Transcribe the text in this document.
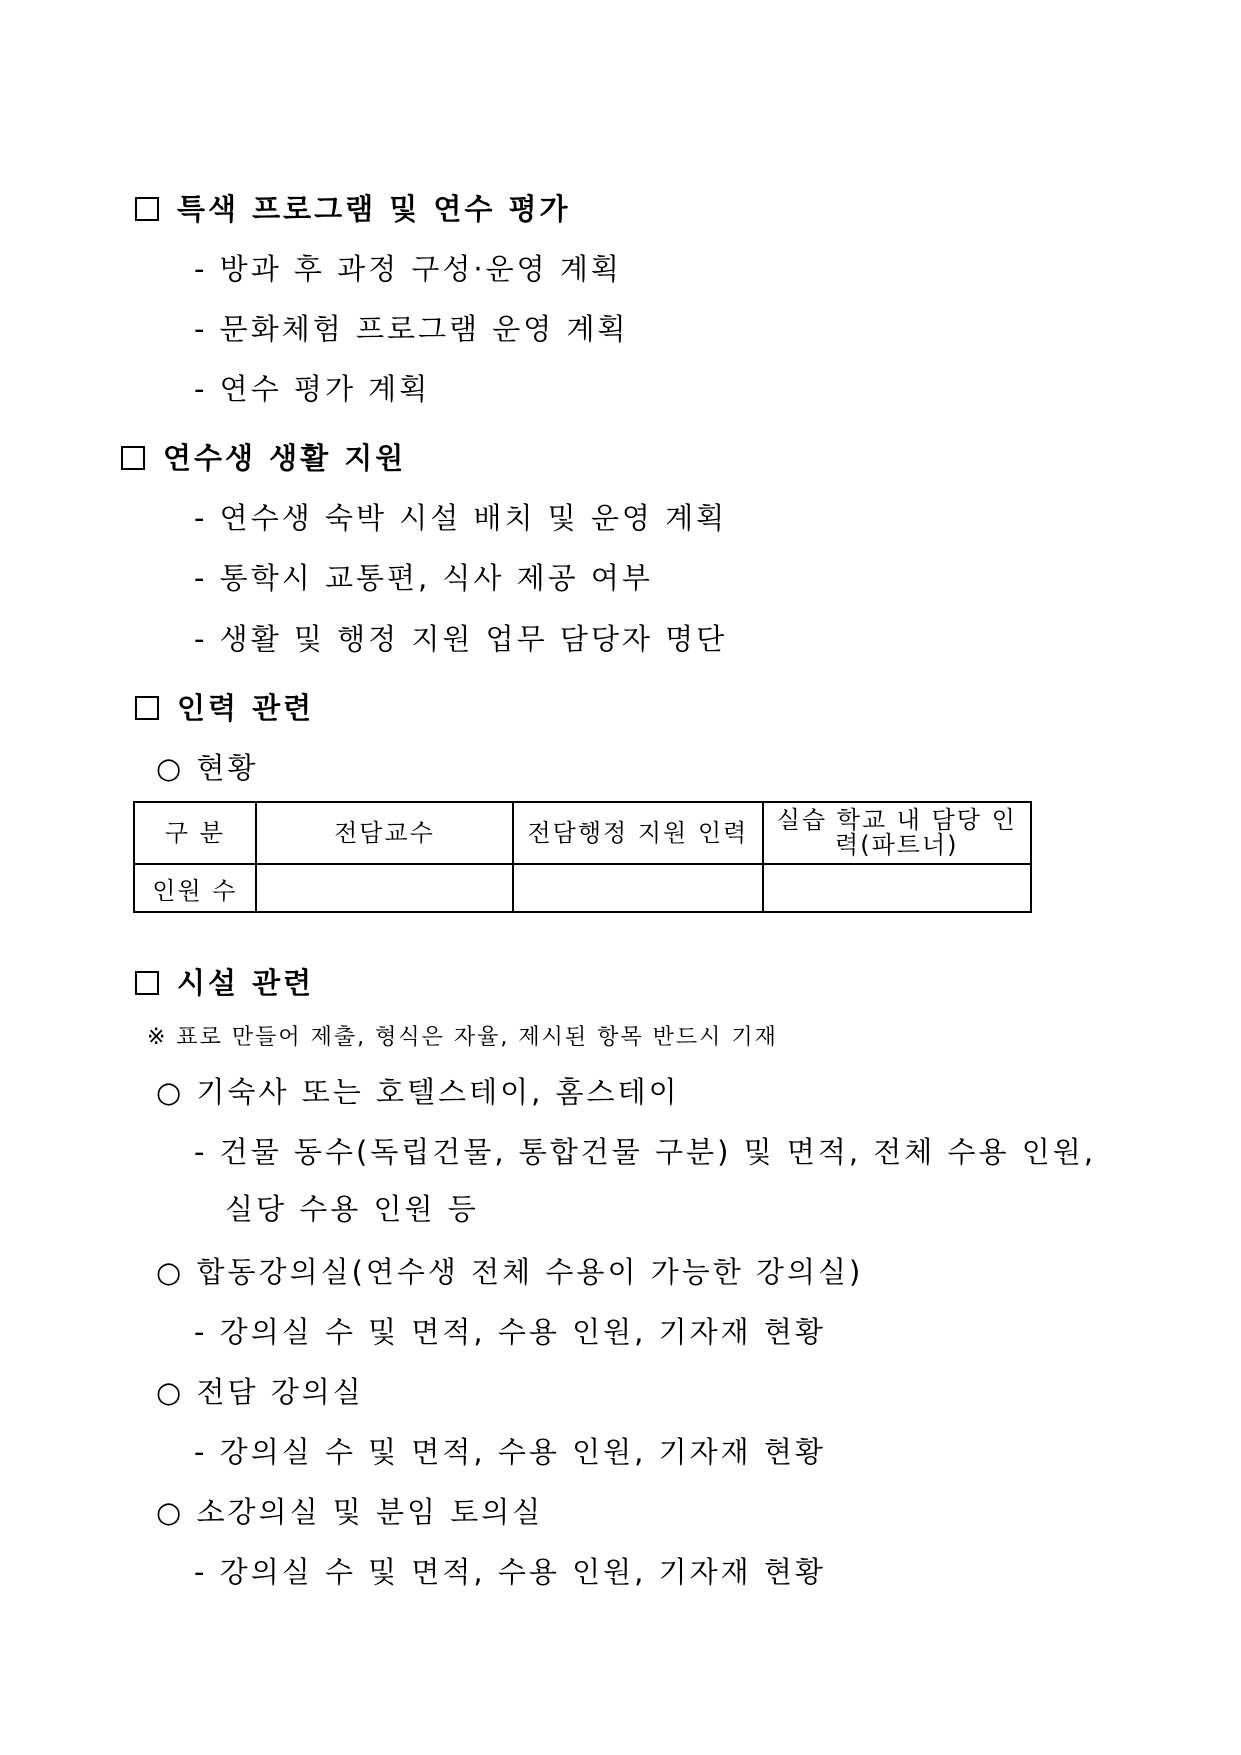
특색 프로그램 및 연수 평가
- 방과 후 과정 구성·운영 계획
- 문화체험 프로그램 운영 계획
- 연수 평가 계획
연수생 생활 지원
- 연수생 숙박 시설 배치 및 운영 계획
- 통학시 교통편, 식사 제공 여부
- 생활 및 행정 지원 업무 담당자 명단
인력 관련
○ 현황
구 분	전담교수	전담행정 지원 인력	실습 학교 내 담당 인력(파트너)
인원 수			
시설 관련
※ 표로 만들어 제출, 형식은 자율, 제시된 항목 반드시 기재
○ 기숙사 또는 호텔스테이, 홈스테이
- 건물 동수(독립건물, 통합건물 구분) 및 면적, 전체 수용 인원,
실당 수용 인원 등
○ 합동강의실(연수생 전체 수용이 가능한 강의실)
- 강의실 수 및 면적, 수용 인원, 기자재 현황
○ 전담 강의실
- 강의실 수 및 면적, 수용 인원, 기자재 현황
○ 소강의실 및 분임 토의실
- 강의실 수 및 면적, 수용 인원, 기자재 현황
